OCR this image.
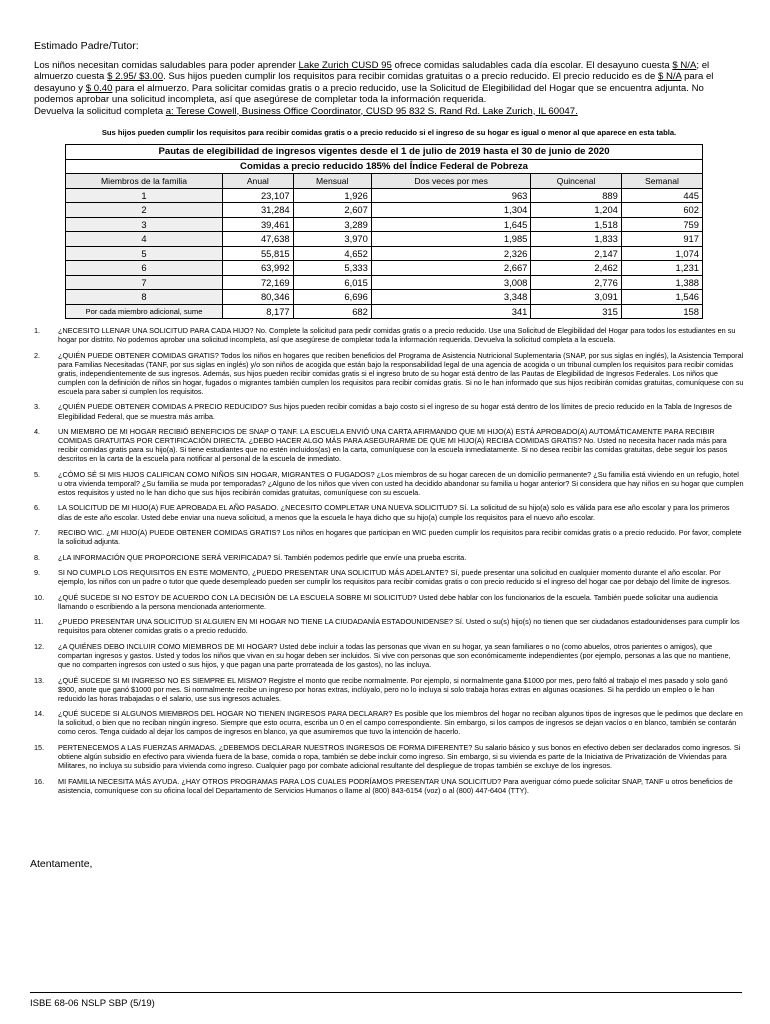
Estimado Padre/Tutor:
Los niños necesitan comidas saludables para poder aprender Lake Zurich CUSD 95 ofrece comidas saludables cada día escolar. El desayuno cuesta $ N/A; el almuerzo cuesta $ 2.95/ $3.00. Sus hijos pueden cumplir los requisitos para recibir comidas gratuitas o a precio reducido. El precio reducido es de $ N/A para el desayuno y $ 0.40 para el almuerzo. Para solicitar comidas gratis o a precio reducido, use la Solicitud de Elegibilidad del Hogar que se encuentra adjunta. No podemos aprobar una solicitud incompleta, así que asegúrese de completar toda la información requerida.
Devuelva la solicitud completa a: Terese Cowell, Business Office Coordinator, CUSD 95 832 S. Rand Rd. Lake Zurich, IL 60047.
Sus hijos pueden cumplir los requisitos para recibir comidas gratis o a precio reducido si el ingreso de su hogar es igual o menor al que aparece en esta tabla.
Pautas de elegibilidad de ingresos vigentes desde el 1 de julio de 2019 hasta el 30 de junio de 2020					
Comidas a precio reducido 185% del Índice Federal de Pobreza					
Miembros de la familia	Anual	Mensual	Dos veces por mes	Quincenal	Semanal
1	23,107	1,926	963	889	445
2	31,284	2,607	1,304	1,204	602
3	39,461	3,289	1,645	1,518	759
4	47,638	3,970	1,985	1,833	917
5	55,815	4,652	2,326	2,147	1,074
6	63,992	5,333	2,667	2,462	1,231
7	72,169	6,015	3,008	2,776	1,388
8	80,346	6,696	3,348	3,091	1,546
Por cada miembro adicional, sume	8,177	682	341	315	158
1. ¿NECESITO LLENAR UNA SOLICITUD PARA CADA HIJO? No. Complete la solicitud para pedir comidas gratis o a precio reducido. Use una Solicitud de Elegibilidad del Hogar para todos los estudiantes en su hogar por distrito. No podemos aprobar una solicitud incompleta, así que asegúrese de completar toda la información requerida. Devuelva la solicitud completa a la escuela.
2. ¿QUIÉN PUEDE OBTENER COMIDAS GRATIS? Todos los niños en hogares que reciben beneficios del Programa de Asistencia Nutricional Suplementaria (SNAP, por sus siglas en inglés), la Asistencia Temporal para Familias Necesitadas (TANF, por sus siglas en inglés) y/o son niños de acogida que están bajo la responsabilidad legal de una agencia de acogida o un tribunal cumplen los requisitos para recibir comidas gratis, independientemente de sus ingresos. Además, sus hijos pueden recibir comidas gratis si el ingreso bruto de su hogar está dentro de las Pautas de Elegibilidad de Ingresos Federales. Los niños que cumplen con la definición de niños sin hogar, fugados o migrantes también cumplen los requisitos para recibir comidas gratis. Si no le han informado que sus hijos recibirán comidas gratuitas, comuníquese con su escuela para saber si cumplen los requisitos.
3. ¿QUIÉN PUEDE OBTENER COMIDAS A PRECIO REDUCIDO? Sus hijos pueden recibir comidas a bajo costo si el ingreso de su hogar está dentro de los límites de precio reducido en la Tabla de Ingresos de Elegibilidad Federal, que se muestra más arriba.
4. UN MIEMBRO DE MI HOGAR RECIBIÓ BENEFICIOS DE SNAP O TANF. LA ESCUELA ENVIÓ UNA CARTA AFIRMANDO QUE MI HIJO(A) ESTÁ APROBADO(A) AUTOMÁTICAMENTE PARA RECIBIR COMIDAS GRATUITAS POR CERTIFICACIÓN DIRECTA. ¿DEBO HACER ALGO MÁS PARA ASEGURARME DE QUE MI HIJO(A) RECIBA COMIDAS GRATIS? No. Usted no necesita hacer nada más para recibir comidas gratis para su hijo(a). Si tiene estudiantes que no estén incluidos(as) en la carta, comuníquese con la escuela inmediatamente. Si no desea recibir las comidas gratuitas, debe seguir los pasos descritos en la carta de la escuela para notificar al personal de la escuela de inmediato.
5. ¿CÓMO SÉ SI MIS HIJOS CALIFICAN COMO NIÑOS SIN HOGAR, MIGRANTES O FUGADOS? ¿Los miembros de su hogar carecen de un domicilio permanente? ¿Su familia está viviendo en un refugio, hotel u otra vivienda temporal? ¿Su familia se muda por temporadas? ¿Alguno de los niños que viven con usted ha decidido abandonar su familia u hogar anterior? Si considera que hay niños en su hogar que cumplen estos requisitos y usted no le han dicho que sus hijos recibirán comidas gratuitas, comuníquese con su escuela.
6. LA SOLICITUD DE MI HIJO(A) FUE APROBADA EL AÑO PASADO. ¿NECESITO COMPLETAR UNA NUEVA SOLICITUD? Sí. La solicitud de su hijo(a) solo es válida para ese año escolar y para los primeros días de este año escolar. Usted debe enviar una nueva solicitud, a menos que la escuela le haya dicho que su hijo(a) cumple los requisitos para el nuevo año escolar.
7. RECIBO WIC. ¿MI HIJO(A) PUEDE OBTENER COMIDAS GRATIS? Los niños en hogares que participan en WIC pueden cumplir los requisitos para recibir comidas gratis o a precio reducido. Por favor, complete la solicitud adjunta.
8. ¿LA INFORMACIÓN QUE PROPORCIONE SERÁ VERIFICADA? Sí. También podemos pedirle que envíe una prueba escrita.
9. SI NO CUMPLO LOS REQUISITOS EN ESTE MOMENTO, ¿PUEDO PRESENTAR UNA SOLICITUD MÁS ADELANTE? Sí, puede presentar una solicitud en cualquier momento durante el año escolar. Por ejemplo, los niños con un padre o tutor que quede desempleado pueden ser cumplir los requisitos para recibir comidas gratis o con precio reducido si el ingreso del hogar cae por debajo del límite de ingresos.
10. ¿QUÉ SUCEDE SI NO ESTOY DE ACUERDO CON LA DECISIÓN DE LA ESCUELA SOBRE MI SOLICITUD? Usted debe hablar con los funcionarios de la escuela. También puede solicitar una audiencia llamando o escribiendo a la persona mencionada anteriormente.
11. ¿PUEDO PRESENTAR UNA SOLICITUD SI ALGUIEN EN MI HOGAR NO TIENE LA CIUDADANÍA ESTADOUNIDENSE? Sí. Usted o su(s) hijo(s) no tienen que ser ciudadanos estadounidenses para cumplir los requisitos para obtener comidas gratis o a precio reducido.
12. ¿A QUIÉNES DEBO INCLUIR COMO MIEMBROS DE MI HOGAR? Usted debe incluir a todas las personas que vivan en su hogar, ya sean familiares o no (como abuelos, otros parientes o amigos), que compartan ingresos y gastos. Usted y todos los niños que vivan en su hogar deben ser incluidos. Si vive con personas que son económicamente independientes (por ejemplo, personas a las que no mantiene, que no comparten ingresos con usted o sus hijos, y que pagan una parte prorrateada de los gastos), no las incluya.
13. ¿QUÉ SUCEDE SI MI INGRESO NO ES SIEMPRE EL MISMO? Registre el monto que recibe normalmente. Por ejemplo, si normalmente gana $1000 por mes, pero faltó al trabajo el mes pasado y solo ganó $900, anote que ganó $1000 por mes. Si normalmente recibe un ingreso por horas extras, inclúyalo, pero no lo incluya si solo trabaja horas extras en algunas ocasiones. Si ha perdido un empleo o le han reducido las horas trabajadas o el salario, use sus ingresos actuales.
14. ¿QUÉ SUCEDE SI ALGUNOS MIEMBROS DEL HOGAR NO TIENEN INGRESOS PARA DECLARAR? Es posible que los miembros del hogar no reciban algunos tipos de ingresos que le pedimos que declare en la solicitud, o bien que no reciban ningún ingreso. Siempre que esto ocurra, escriba un 0 en el campo correspondiente. Sin embargo, si los campos de ingresos se dejan vacíos o en blanco, también se contarán como ceros. Tenga cuidado al dejar los campos de ingresos en blanco, ya que asumiremos que tuvo la intención de hacerlo.
15. PERTENECEMOS A LAS FUERZAS ARMADAS. ¿DEBEMOS DECLARAR NUESTROS INGRESOS DE FORMA DIFERENTE? Su salario básico y sus bonos en efectivo deben ser declarados como ingresos. Si obtiene algún subsidio en efectivo para vivienda fuera de la base, comida o ropa, también se debe incluir como ingreso. Sin embargo, si su vivienda es parte de la Iniciativa de Privatización de Viviendas para Militares, no incluya su subsidio para vivienda como ingreso. Cualquier pago por combate adicional resultante del despliegue de tropas también se excluye de los ingresos.
16. MI FAMILIA NECESITA MÁS AYUDA. ¿HAY OTROS PROGRAMAS PARA LOS CUALES PODRÍAMOS PRESENTAR UNA SOLICITUD? Para averiguar cómo puede solicitar SNAP, TANF u otros beneficios de asistencia, comuníquese con su oficina local del Departamento de Servicios Humanos o llame al (800) 843-6154 (voz) o al (800) 447-6404 (TTY).
Atentamente,
ISBE 68-06 NSLP SBP (5/19)
